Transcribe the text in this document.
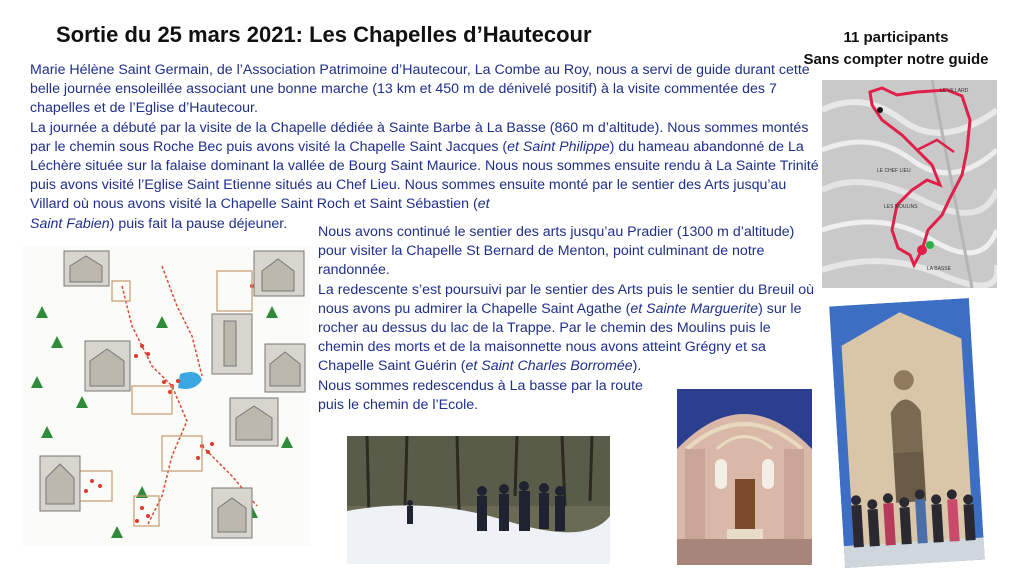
Sortie du 25 mars 2021: Les Chapelles d’Hautecour	11 participants
Sans compter notre guide

Marie Hélène Saint Germain, de l’Association Patrimoine d’Hautecour, La Combe au Roy, nous a servi de guide durant cette belle journée ensoleillée associant une bonne marche (13 km et 450 m de dénivelé positif) à la visite commentée des 7 chapelles et de l’Eglise d’Hautecour.

La journée a débuté par la visite de la Chapelle dédiée à Sainte Barbe à La Basse (860 m d’altitude). Nous sommes montés par le chemin sous Roche Bec puis avons visité la Chapelle Saint Jacques (et Saint Philippe) du hameau abandonné de La Léchère située sur la falaise dominant la vallée de Bourg Saint Maurice. Nous nous sommes ensuite rendu à La Sainte Trinité puis avons visité l’Eglise Saint Etienne situés au Chef Lieu. Nous sommes ensuite monté par le sentier des Arts jusqu’au Villard où nous avons visité la Chapelle Saint Roch et Saint Sébastien (et
Saint Fabien) puis fait la pause déjeuner.

Nous avons continué le sentier des arts jusqu’au Pradier (1300 m d’altitude) pour visiter la Chapelle St Bernard de Menton, point culminant de notre randonnée.

La redescente s’est poursuivi par le sentier des Arts puis le sentier du Breuil où nous avons pu admirer la Chapelle Saint Agathe (et Sainte Marguerite) sur le rocher au dessus du lac de la Trappe. Par le chemin des Moulins puis le chemin des morts et de la maisonnette nous avons atteint Grégny et sa Chapelle Saint Guérin (et Saint Charles Borromée).

Nous sommes redescendus à La basse par la route puis le chemin de l’Ecole.

LE VILLARD
LE CHEF LIEU
LES MOULINS
LA BASSE
